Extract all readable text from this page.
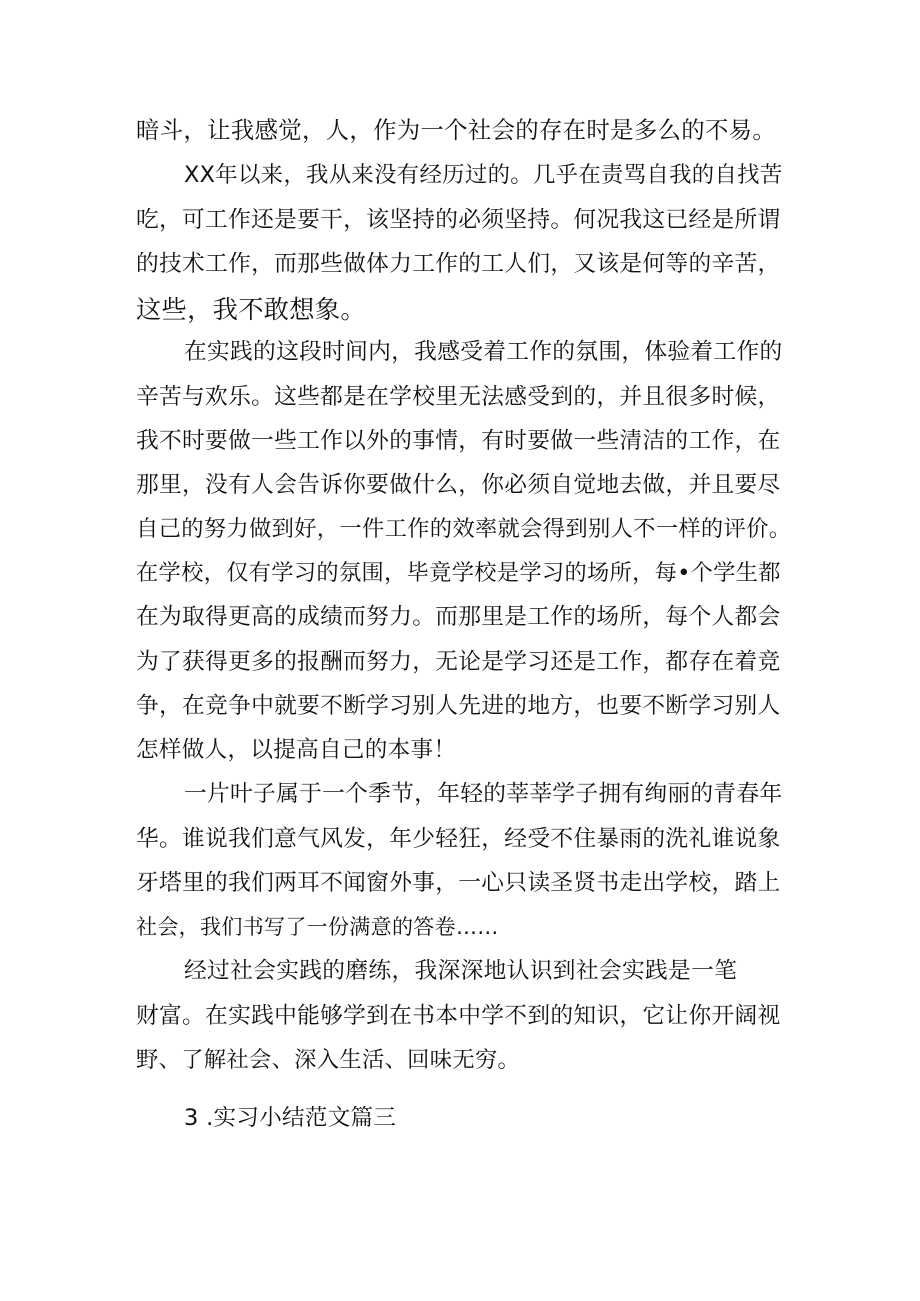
暗斗，让我感觉，人，作为一个社会的存在时是多么的不易。
XX年以来，我从来没有经历过的。几乎在责骂自我的自找苦
吃，可工作还是要干，该坚持的必须坚持。何况我这已经是所谓
的技术工作，而那些做体力工作的工人们，又该是何等的辛苦，
这些，我不敢想象。
在实践的这段时间内，我感受着工作的氛围，体验着工作的
辛苦与欢乐。这些都是在学校里无法感受到的，并且很多时候，
我不时要做一些工作以外的事情，有时要做一些清洁的工作，在
那里，没有人会告诉你要做什么，你必须自觉地去做，并且要尽
自己的努力做到好，一件工作的效率就会得到别人不一样的评价。
在学校，仅有学习的氛围，毕竟学校是学习的场所，每•个学生都
在为取得更高的成绩而努力。而那里是工作的场所，每个人都会
为了获得更多的报酬而努力，无论是学习还是工作，都存在着竞
争，在竞争中就要不断学习别人先进的地方，也要不断学习别人
怎样做人，以提高自己的本事！
一片叶子属于一个季节，年轻的莘莘学子拥有绚丽的青春年
华。谁说我们意气风发，年少轻狂，经受不住暴雨的洗礼谁说象
牙塔里的我们两耳不闻窗外事，一心只读圣贤书走出学校，踏上
社会，我们书写了一份满意的答卷……
经过社会实践的磨练，我深深地认识到社会实践是一笔
财富。在实践中能够学到在书本中学不到的知识，它让你开阔视
野、了解社会、深入生活、回味无穷。
3 .实习小结范文篇三
